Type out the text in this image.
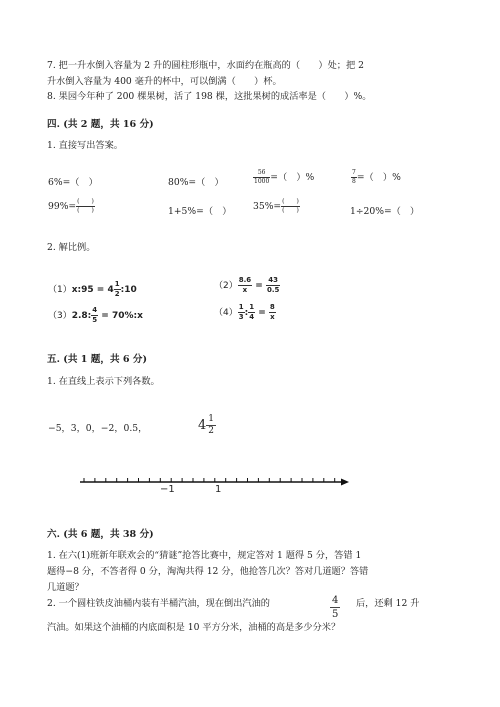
7. 把一升水倒入容量为 2 升的圆柱形瓶中，水面约在瓶高的（　　）处；把 2
升水倒入容量为 400 毫升的杯中，可以倒满（　　）杯。
8. 果园今年种了 200 棵果树，活了 198 棵，这批果树的成活率是（　　）%。
四. (共 2 题，共 16 分)
1. 直接写出答案。
6%=（　）	80%=（　）	$\frac{56}{1000}$ =（　）%	$\frac{7}{8}$ =（　）%
$99\%= \frac{( )}{( )}$	1+5%=（　） $35\%= \frac{( )}{( )}$	1÷20%=（　）
2. 解比例。
（1）x:95 = $4 \frac{1}{2}$ :10	$(2) \frac{8.6}{x} = \frac{43}{0.5}$
（3）2.8: $\frac{4}{5}$ = 70%:x	$(4) \frac{1}{3}$ : $\frac{1}{4} = \frac{8}{x}$
五. (共 1 题，共 6 分)
1. 在直线上表示下列各数。
−5，3，0，−2，0.5，	$4 \frac{1}{2}$
−1	1
六. (共 6 题，共 38 分)
1. 在六(1)班新年联欢会的“猜谜”抢答比赛中，规定答对 1 题得 5 分，答错 1
题得−8 分，不答者得 0 分，淘淘共得 12 分，他抢答几次？答对几道题？答错
几道题？
2. 一个圆柱铁皮油桶内装有半桶汽油，现在倒出汽油的	$\frac{4}{5}$ 后，还剩 12 升
汽油。如果这个油桶的内底面积是 10 平方分米，油桶的高是多少分米？
